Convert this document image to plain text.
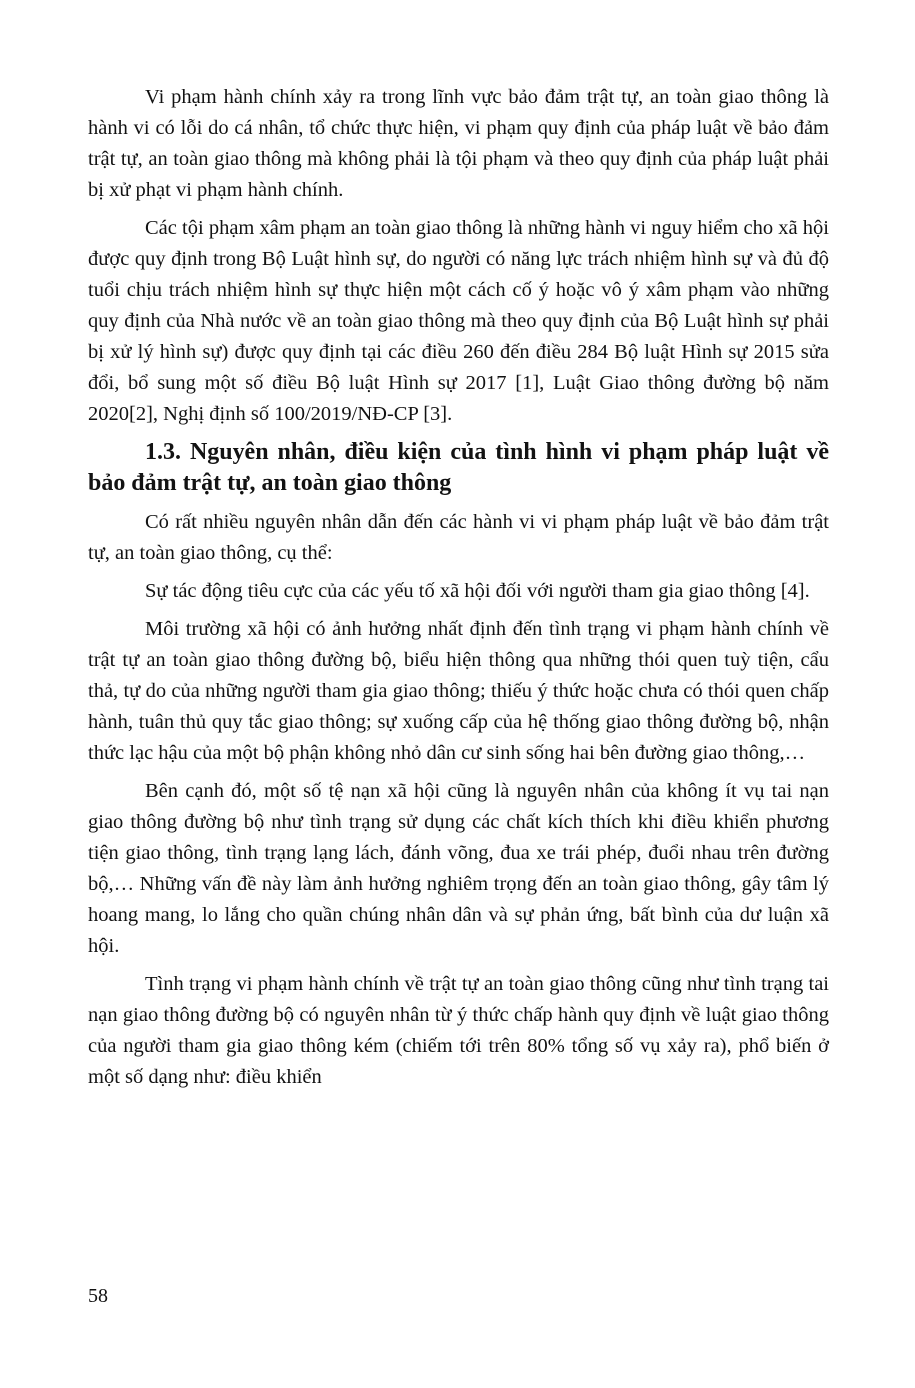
Vi phạm hành chính xảy ra trong lĩnh vực bảo đảm trật tự, an toàn giao thông là hành vi có lỗi do cá nhân, tổ chức thực hiện, vi phạm quy định của pháp luật về bảo đảm trật tự, an toàn giao thông mà không phải là tội phạm và theo quy định của pháp luật phải bị xử phạt vi phạm hành chính.

Các tội phạm xâm phạm an toàn giao thông là những hành vi nguy hiểm cho xã hội được quy định trong Bộ Luật hình sự, do người có năng lực trách nhiệm hình sự và đủ độ tuổi chịu trách nhiệm hình sự thực hiện một cách cố ý hoặc vô ý xâm phạm vào những quy định của Nhà nước về an toàn giao thông mà theo quy định của Bộ Luật hình sự phải bị xử lý hình sự) được quy định tại các điều 260 đến điều 284 Bộ luật Hình sự 2015 sửa đổi, bổ sung một số điều Bộ luật Hình sự 2017 [1], Luật Giao thông đường bộ năm 2020[2], Nghị định số 100/2019/NĐ-CP [3].

1.3. Nguyên nhân, điều kiện của tình hình vi phạm pháp luật về bảo đảm trật tự, an toàn giao thông

Có rất nhiều nguyên nhân dẫn đến các hành vi vi phạm pháp luật về bảo đảm trật tự, an toàn giao thông, cụ thể:

Sự tác động tiêu cực của các yếu tố xã hội đối với người tham gia giao thông [4].

Môi trường xã hội có ảnh hưởng nhất định đến tình trạng vi phạm hành chính về trật tự an toàn giao thông đường bộ, biểu hiện thông qua những thói quen tuỳ tiện, cẩu thả, tự do của những người tham gia giao thông; thiếu ý thức hoặc chưa có thói quen chấp hành, tuân thủ quy tắc giao thông; sự xuống cấp của hệ thống giao thông đường bộ, nhận thức lạc hậu của một bộ phận không nhỏ dân cư sinh sống hai bên đường giao thông,…

Bên cạnh đó, một số tệ nạn xã hội cũng là nguyên nhân của không ít vụ tai nạn giao thông đường bộ như tình trạng sử dụng các chất kích thích khi điều khiển phương tiện giao thông, tình trạng lạng lách, đánh võng, đua xe trái phép, đuổi nhau trên đường bộ,… Những vấn đề này làm ảnh hưởng nghiêm trọng đến an toàn giao thông, gây tâm lý hoang mang, lo lắng cho quần chúng nhân dân và sự phản ứng, bất bình của dư luận xã hội.

Tình trạng vi phạm hành chính về trật tự an toàn giao thông cũng như tình trạng tai nạn giao thông đường bộ có nguyên nhân từ ý thức chấp hành quy định về luật giao thông của người tham gia giao thông kém (chiếm tới trên 80% tổng số vụ xảy ra), phổ biến ở một số dạng như: điều khiển

58
